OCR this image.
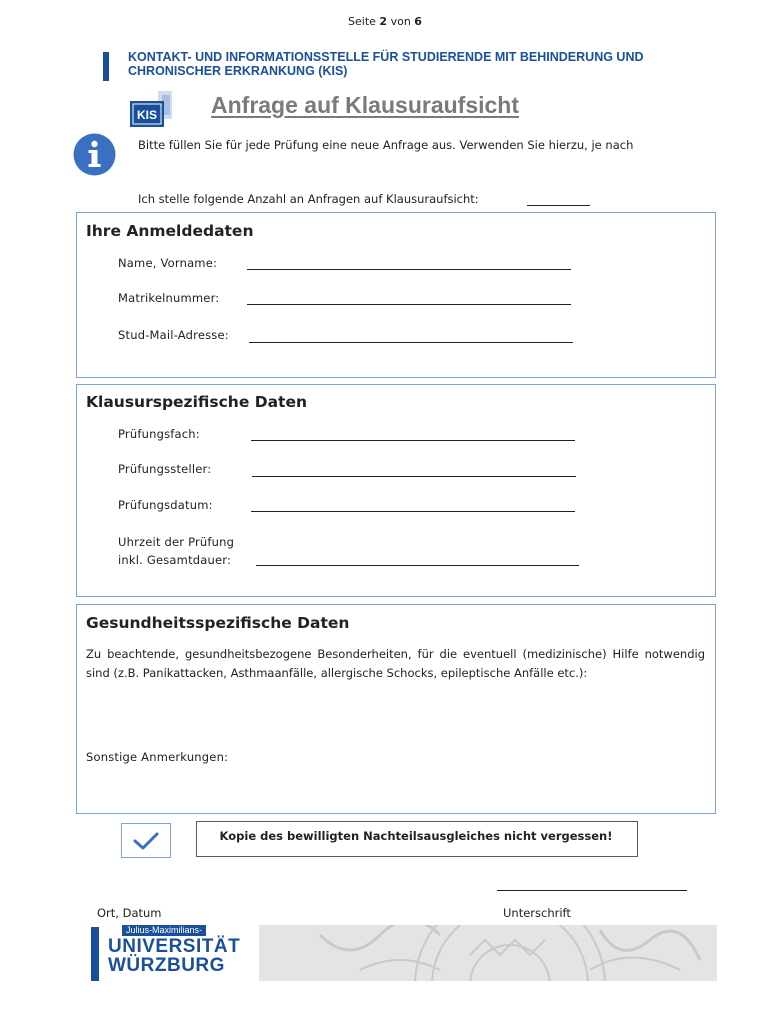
Seite 2 von 6
KONTAKT- UND INFORMATIONSSTELLE FÜR STUDIERENDE MIT BEHINDERUNG UND
CHRONISCHER ERKRANKUNG (KIS)
KIS Anfrage auf Klausuraufsicht
Bitte füllen Sie für jede Prüfung eine neue Anfrage aus. Verwenden Sie hierzu, je nach
Ich stelle folgende Anzahl an Anfragen auf Klausuraufsicht:
Ihre Anmeldedaten
Name, Vorname:
Matrikelnummer:
Stud-Mail-Adresse:
Klausurspezifische Daten
Prüfungsfach:
Prüfungssteller:
Prüfungsdatum:
Uhrzeit der Prüfung
inkl. Gesamtdauer:
Gesundheitsspezifische Daten
Zu beachtende, gesundheitsbezogene Besonderheiten, für die eventuell (medizinische) Hilfe notwendig sind (z.B. Panikattacken, Asthmaanfälle, allergische Schocks, epileptische Anfälle etc.):
Sonstige Anmerkungen:
Kopie des bewilligten Nachteilsausgleiches nicht vergessen!
Ort, Datum	Unterschrift
Julius-Maximilians-
UNIVERSITÄT
WÜRZBURG
